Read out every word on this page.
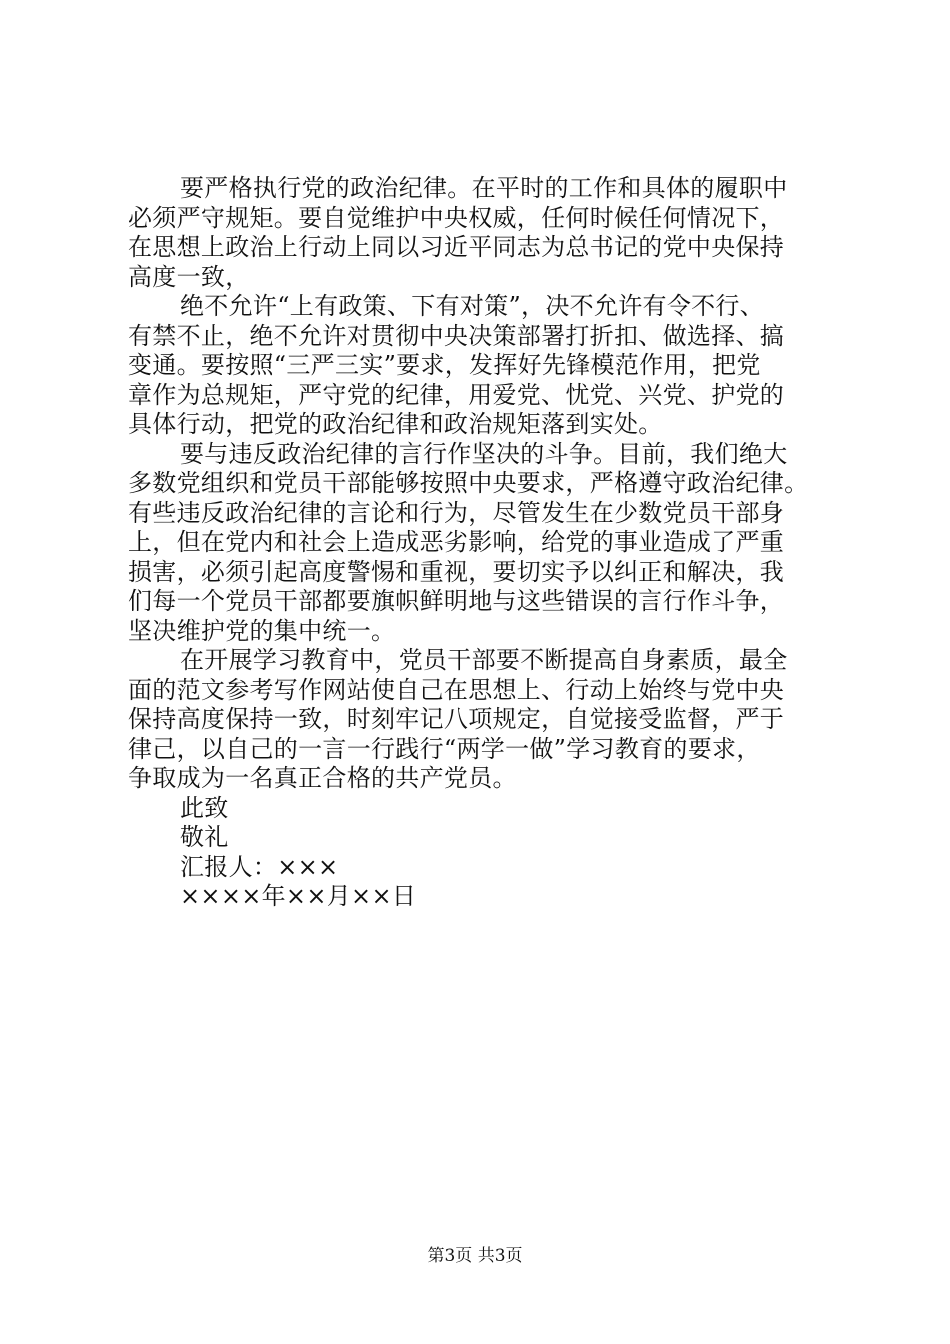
要严格执行党的政治纪律。在平时的工作和具体的履职中
必须严守规矩。要自觉维护中央权威，任何时候任何情况下，
在思想上政治上行动上同以习近平同志为总书记的党中央保持
高度一致，
绝不允许“上有政策、下有对策”，决不允许有令不行、
有禁不止，绝不允许对贯彻中央决策部署打折扣、做选择、搞
变通。要按照“三严三实”要求，发挥好先锋模范作用，把党
章作为总规矩，严守党的纪律，用爱党、忧党、兴党、护党的
具体行动，把党的政治纪律和政治规矩落到实处。
要与违反政治纪律的言行作坚决的斗争。目前，我们绝大
多数党组织和党员干部能够按照中央要求，严格遵守政治纪律。
有些违反政治纪律的言论和行为，尽管发生在少数党员干部身
上，但在党内和社会上造成恶劣影响，给党的事业造成了严重
损害，必须引起高度警惕和重视，要切实予以纠正和解决，我
们每一个党员干部都要旗帜鲜明地与这些错误的言行作斗争，
坚决维护党的集中统一。
在开展学习教育中，党员干部要不断提高自身素质，最全
面的范文参考写作网站使自己在思想上、行动上始终与党中央
保持高度保持一致，时刻牢记八项规定，自觉接受监督，严于
律己，以自己的一言一行践行“两学一做”学习教育的要求，
争取成为一名真正合格的共产党员。
此致
敬礼
汇报人：×××
××××年××月××日
第3页 共3页
